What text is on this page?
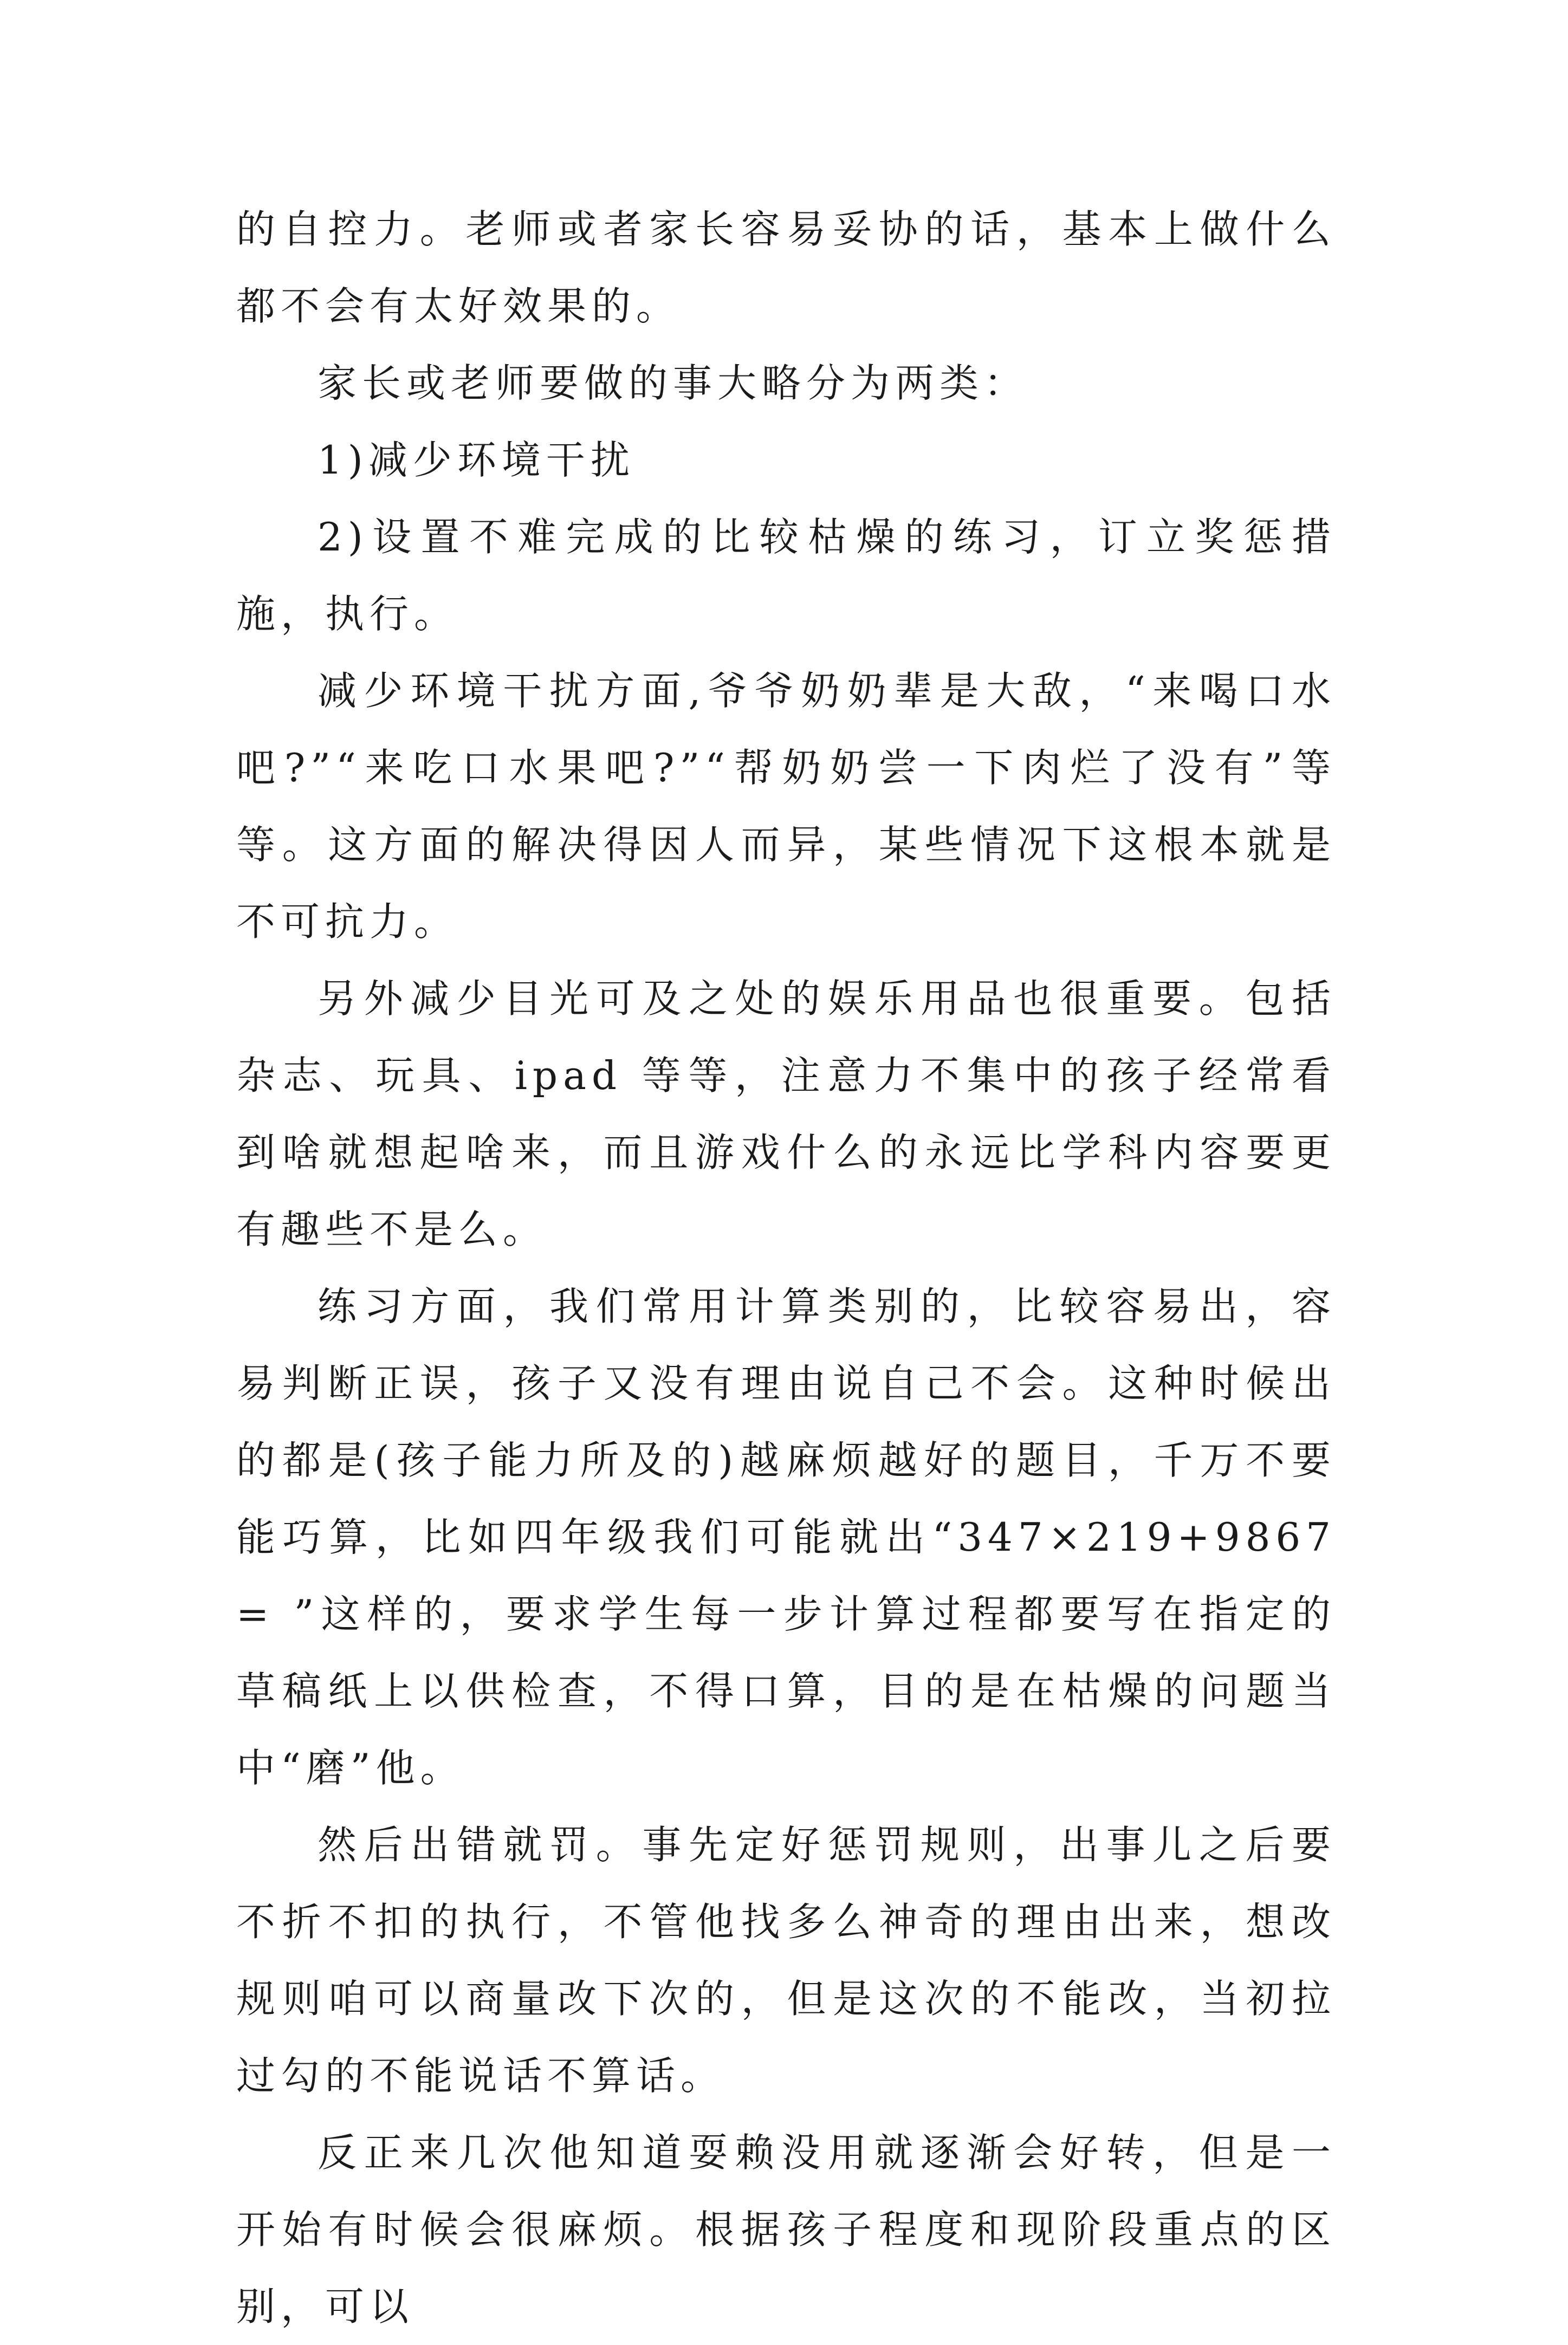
的自控力。老师或者家长容易妥协的话，基本上做什么都不会有太好效果的。

家长或老师要做的事大略分为两类：

1)减少环境干扰

2)设置不难完成的比较枯燥的练习，订立奖惩措施，执行。

减少环境干扰方面,爷爷奶奶辈是大敌，“来喝口水吧?”“来吃口水果吧?”“帮奶奶尝一下肉烂了没有”等等。这方面的解决得因人而异，某些情况下这根本就是不可抗力。

另外减少目光可及之处的娱乐用品也很重要。包括杂志、玩具、ipad 等等，注意力不集中的孩子经常看到啥就想起啥来，而且游戏什么的永远比学科内容要更有趣些不是么。

练习方面，我们常用计算类别的，比较容易出，容易判断正误，孩子又没有理由说自己不会。这种时候出的都是(孩子能力所及的)越麻烦越好的题目，千万不要能巧算，比如四年级我们可能就出“347×219+9867= ”这样的，要求学生每一步计算过程都要写在指定的草稿纸上以供检查，不得口算，目的是在枯燥的问题当中“磨”他。

然后出错就罚。事先定好惩罚规则，出事儿之后要不折不扣的执行，不管他找多么神奇的理由出来，想改规则咱可以商量改下次的，但是这次的不能改，当初拉过勾的不能说话不算话。

反正来几次他知道耍赖没用就逐渐会好转，但是一开始有时候会很麻烦。根据孩子程度和现阶段重点的区别，可以
